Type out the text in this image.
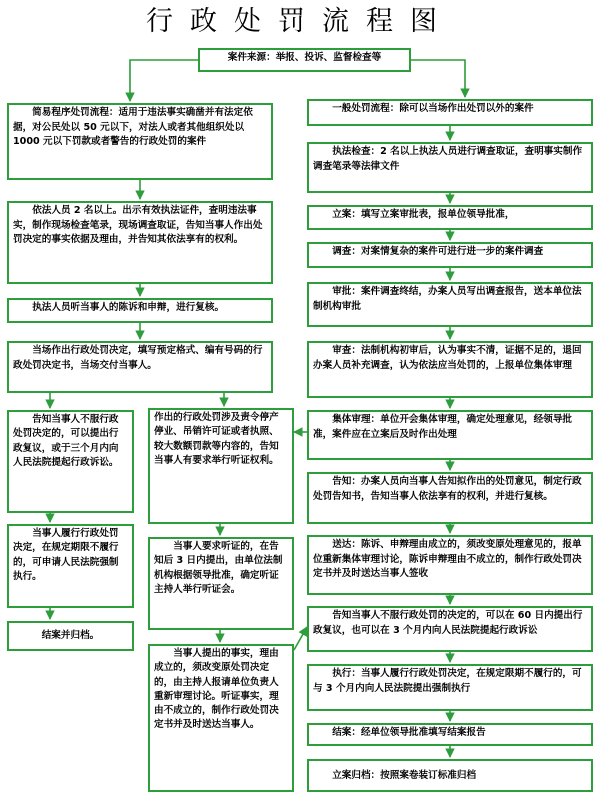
行政处罚流程图
案件来源：举报、投诉、监督检查等
简易程序处罚流程：适用于违法事实确凿并有法定依据，对公民处以 50 元以下，对法人或者其他组织处以 1000 元以下罚款或者警告的行政处罚的案件
依法人员 2 名以上。出示有效执法证件，查明违法事实，制作现场检查笔录，现场调查取证，告知当事人作出处罚决定的事实依据及理由，并告知其依法享有的权利。
执法人员听当事人的陈诉和申辩，进行复核。
当场作出行政处罚决定，填写预定格式、编有号码的行政处罚决定书，当场交付当事人。
告知当事人不服行政处罚决定的，可以提出行政复议，或于三个月内向人民法院提起行政诉讼。
当事人履行行政处罚决定，在规定期限不履行的，可申请人民法院强制执行。
结案并归档。
作出的行政处罚涉及责令停产停业、吊销许可证或者执照、较大数额罚款等内容的，告知当事人有要求举行听证权利。
当事人要求听证的，在告知后 3 日内提出，由单位法制机构根据领导批准，确定听证主持人举行听证会。
当事人提出的事实，理由成立的，须改变原处罚决定的，由主持人报请单位负责人重新审理讨论。听证事实，理由不成立的，制作行政处罚决定书并及时送达当事人。
一般处罚流程：除可以当场作出处罚以外的案件
执法检查：2 名以上执法人员进行调查取证，查明事实制作调查笔录等法律文件
立案：填写立案审批表，报单位领导批准，
调查：对案情复杂的案件可进行进一步的案件调查
审批：案件调查终结，办案人员写出调查报告，送本单位法制机构审批
审查：法制机构初审后，认为事实不清，证据不足的，退回办案人员补充调查，认为依法应当处罚的，上报单位集体审理
集体审理：单位开会集体审理，确定处理意见，经领导批准，案件应在立案后及时作出处理
告知：办案人员向当事人告知拟作出的处罚意见，制定行政处罚告知书，告知当事人依法享有的权利，并进行复核。
送达：陈诉、申辩理由成立的，须改变原处理意见的，报单位重新集体审理讨论，陈诉申辩理由不成立的，制作行政处罚决定书并及时送达当事人签收
告知当事人不服行政处罚的决定的，可以在 60 日内提出行政复议，也可以在 3 个月内向人民法院提起行政诉讼
执行：当事人履行行政处罚决定，在规定限期不履行的，可与 3 个月内向人民法院提出强制执行
结案：经单位领导批准填写结案报告
立案归档：按照案卷装订标准归档
